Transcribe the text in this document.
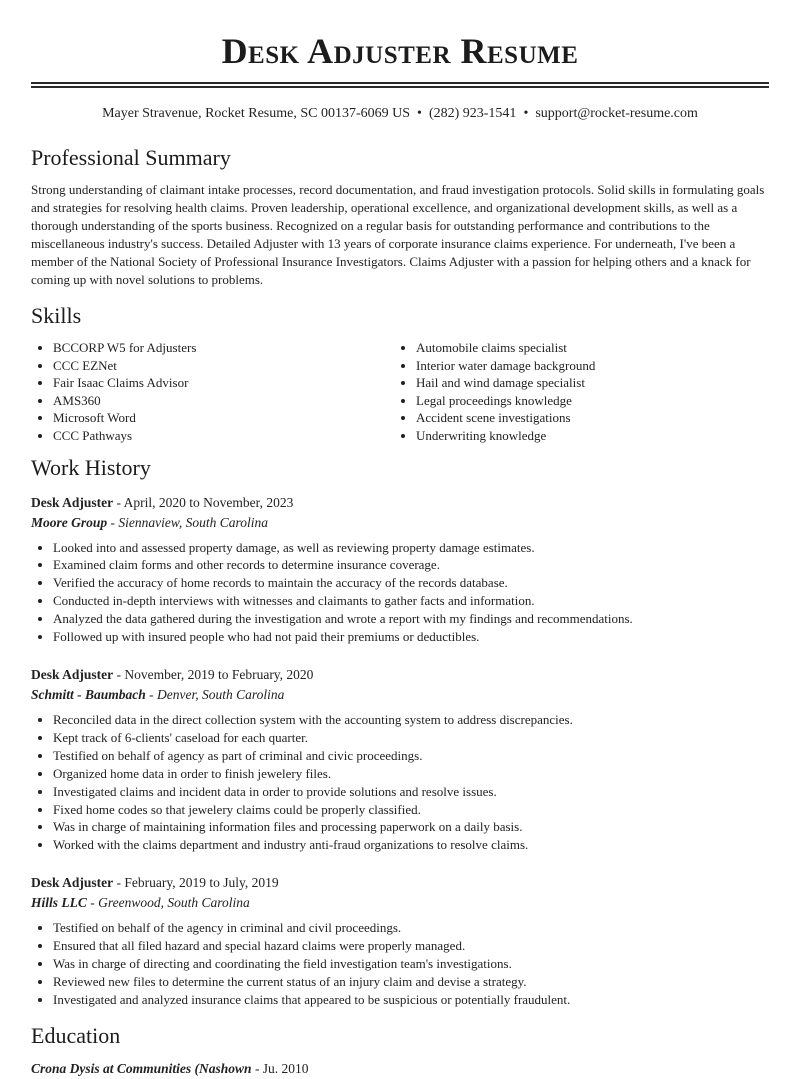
Desk Adjuster Resume
Mayer Stravenue, Rocket Resume, SC 00137-6069 US • (282) 923-1541 • support@rocket-resume.com
Professional Summary

Strong understanding of claimant intake processes, record documentation, and fraud investigation protocols. Solid skills in formulating goals and strategies for resolving health claims. Proven leadership, operational excellence, and organizational development skills, as well as a thorough understanding of the sports business. Recognized on a regular basis for outstanding performance and contributions to the miscellaneous industry's success. Detailed Adjuster with 13 years of corporate insurance claims experience. For underneath, I've been a member of the National Society of Professional Insurance Investigators. Claims Adjuster with a passion for helping others and a knack for coming up with novel solutions to problems.

Skills
• BCCORP W5 for Adjusters
• CCC EZNet
• Fair Isaac Claims Advisor
• AMS360
• Microsoft Word
• CCC Pathways
• Automobile claims specialist
• Interior water damage background
• Hail and wind damage specialist
• Legal proceedings knowledge
• Accident scene investigations
• Underwriting knowledge
Work History
Desk Adjuster - April, 2020 to November, 2023
Moore Group - Siennaview, South Carolina
• Looked into and assessed property damage, as well as reviewing property damage estimates.
• Examined claim forms and other records to determine insurance coverage.
• Verified the accuracy of home records to maintain the accuracy of the records database.
• Conducted in-depth interviews with witnesses and claimants to gather facts and information.
• Analyzed the data gathered during the investigation and wrote a report with my findings and recommendations.
• Followed up with insured people who had not paid their premiums or deductibles.
Desk Adjuster - November, 2019 to February, 2020
Schmitt - Baumbach - Denver, South Carolina
• Reconciled data in the direct collection system with the accounting system to address discrepancies.
• Kept track of 6-clients' caseload for each quarter.
• Testified on behalf of agency as part of criminal and civic proceedings.
• Organized home data in order to finish jewelery files.
• Investigated claims and incident data in order to provide solutions and resolve issues.
• Fixed home codes so that jewelery claims could be properly classified.
• Was in charge of maintaining information files and processing paperwork on a daily basis.
• Worked with the claims department and industry anti-fraud organizations to resolve claims.
Desk Adjuster - February, 2019 to July, 2019
Hills LLC - Greenwood, South Carolina
• Testified on behalf of the agency in criminal and civil proceedings.
• Ensured that all filed hazard and special hazard claims were properly managed.
• Was in charge of directing and coordinating the field investigation team's investigations.
• Reviewed new files to determine the current status of an injury claim and devise a strategy.
• Investigated and analyzed insurance claims that appeared to be suspicious or potentially fraudulent.
Education
Crona Dysis at Communities (Nashown - Ju. 2010
